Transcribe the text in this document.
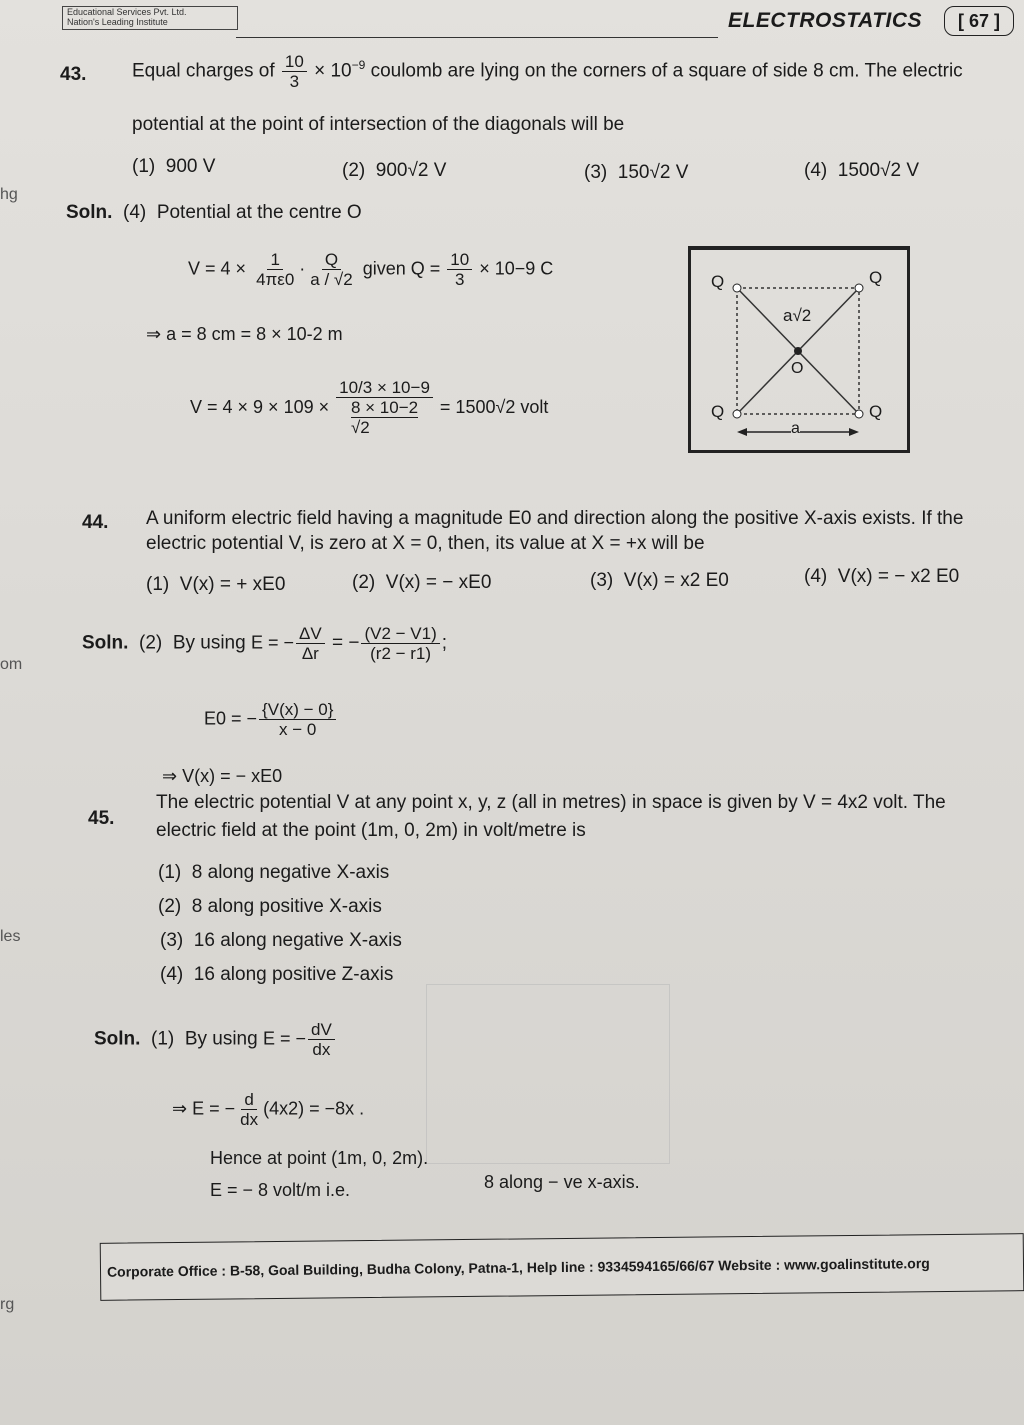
Educational Services Pvt. Ltd.
Nation's Leading Institute	ELECTROSTATICS	[ 67 ]
hg
om
les
rg
43. Equal charges of $\frac{10}{3} \times 10^{-9}$ coulomb are lying on the corners of a square of side 8 cm. The electric
potential at the point of intersection of the diagonals will be
(1) 900 V	(2) 900√2 V	(3) 150√2 V	(4) 1500√2 V
Soln. (4) Potential at the centre O
$V = 4 \times \frac{1}{4\pi\varepsilon 0} \cdot \frac{Q}{a / √2}$ given $Q = \frac{10}{3} \times 10-9$ C
⇒ a = 8 cm = 8 × 10-2 m
V = 4 × 9 × 109 × 10/3 × 10−9
8 × 10−2
√2 = 1500√2 volt
Q	Q
Q	Q
a√2
O
a
44. A uniform electric field having a magnitude E0 and direction along the positive X-axis exists. If the
electric potential V, is zero at X = 0, then, its value at X = +x will be
(1) V(x) = + xE0	(2) V(x) = − xE0	(3) V(x) = x2 E0	(4) V(x) = − x2 E0
Soln. (2) By using E = − $\frac{\Delta V}{\Delta r}$ = − $\frac{(V2 - V1)}{(r2 - r1)}$ ;
E0 = − $\frac{\{V(x) - 0\}}{x - 0}$
⇒ V(x) = − xE0
45.
The electric potential V at any point x, y, z (all in metres) in space is given by V = 4x2 volt. The
electric field at the point (1m, 0, 2m) in volt/metre is
(1) 8 along negative X-axis
(2) 8 along positive X-axis
(3) 16 along negative X-axis
(4) 16 along positive Z-axis
Soln. (1) By using E = − $\frac{dV}{dx}$
⇒ E = − $\frac{d}{dx} (4x2) = -8x$ .
Hence at point (1m, 0, 2m).
E = − 8 volt/m i.e.	8 along − ve x-axis.
Corporate Office : B-58, Goal Building, Budha Colony, Patna-1, Help line : 9334594165/66/67 Website : www.goalinstitute.org
